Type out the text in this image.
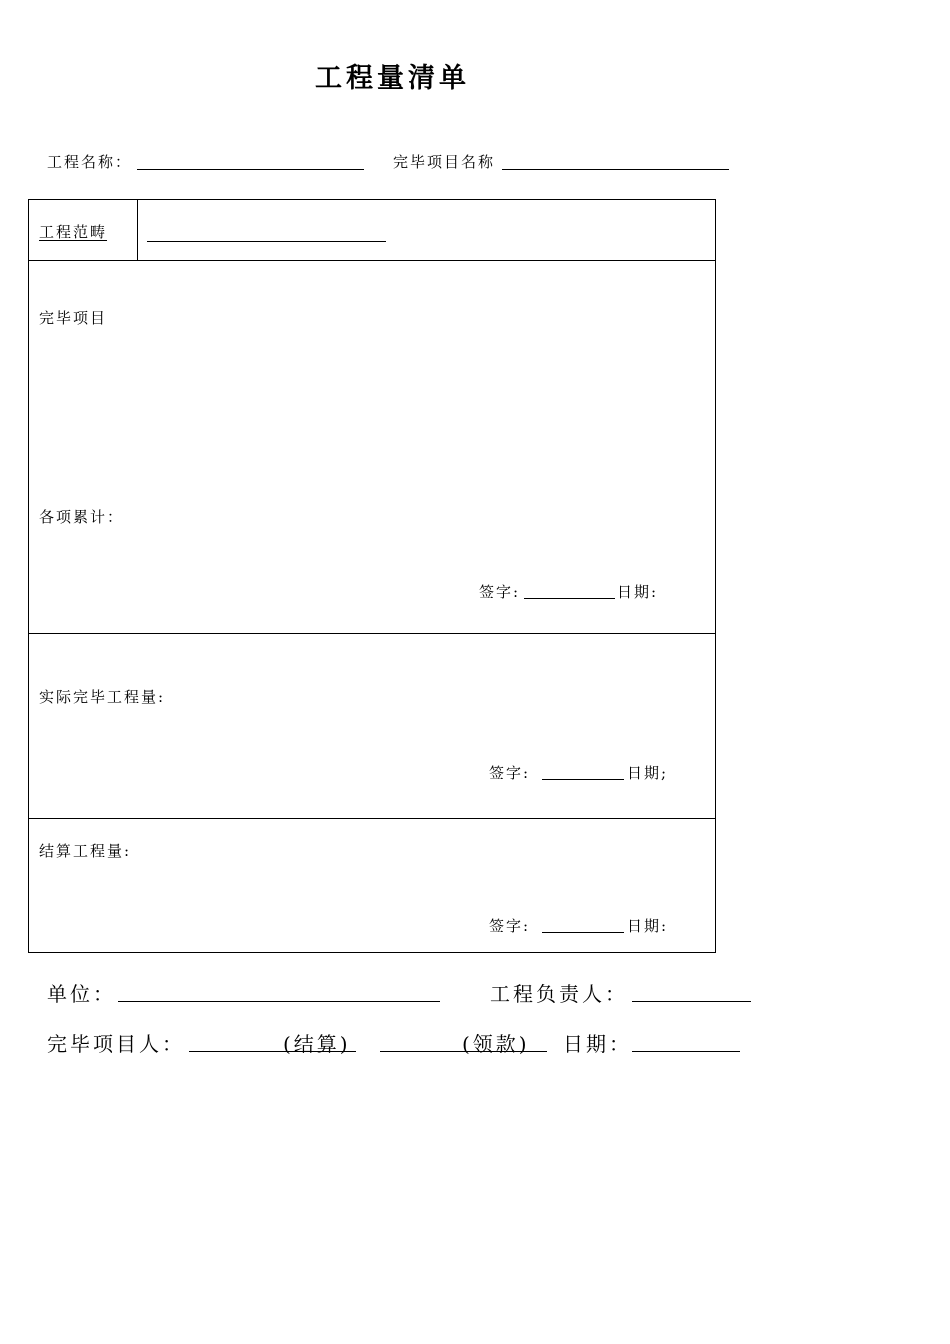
工程量清单
工程名称：	完毕项目名称
工程范畴
完毕项目
各项累计：
签字:	日期:
实际完毕工程量:
签字:	日期;
结算工程量:
签字:	日期:
单位：	工程负责人：
完毕项目人：	(结算)	(领款) 日期：
